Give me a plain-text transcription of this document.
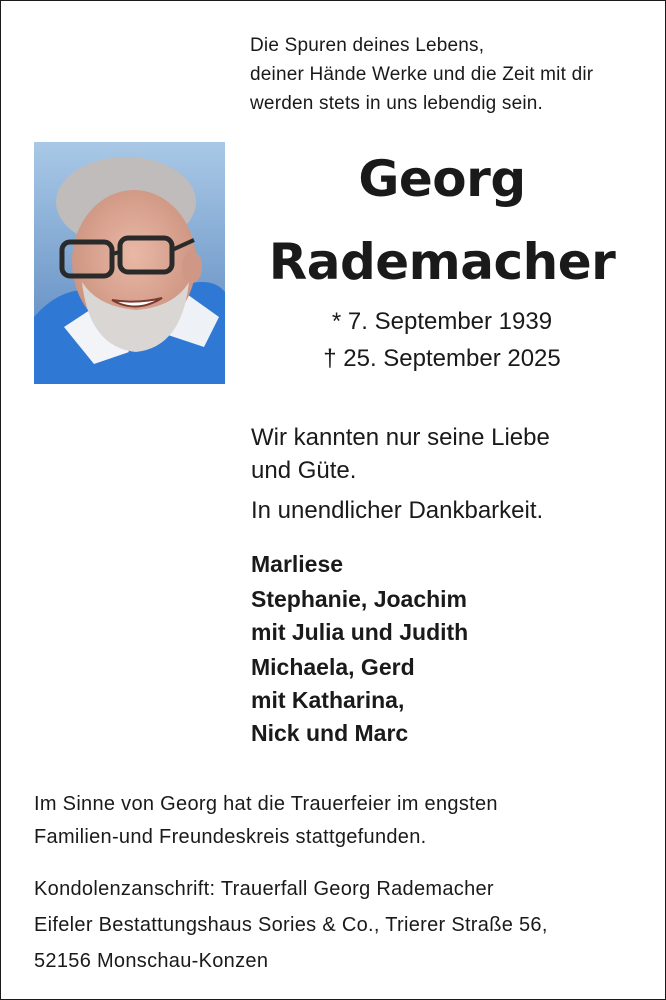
Die Spuren deines Lebens,
deiner Hände Werke und die Zeit mit dir
werden stets in uns lebendig sein.
Georg
Rademacher
* 7. September 1939
† 25. September 2025
Wir kannten nur seine Liebe
und Güte.
In unendlicher Dankbarkeit.
Marliese
Stephanie, Joachim
mit Julia und Judith
Michaela, Gerd
mit Katharina,
Nick und Marc
Im Sinne von Georg hat die Trauerfeier im engsten
Familien-und Freundeskreis stattgefunden.
Kondolenzanschrift: Trauerfall Georg Rademacher
Eifeler Bestattungshaus Sories & Co., Trierer Straße 56,
52156 Monschau-Konzen
